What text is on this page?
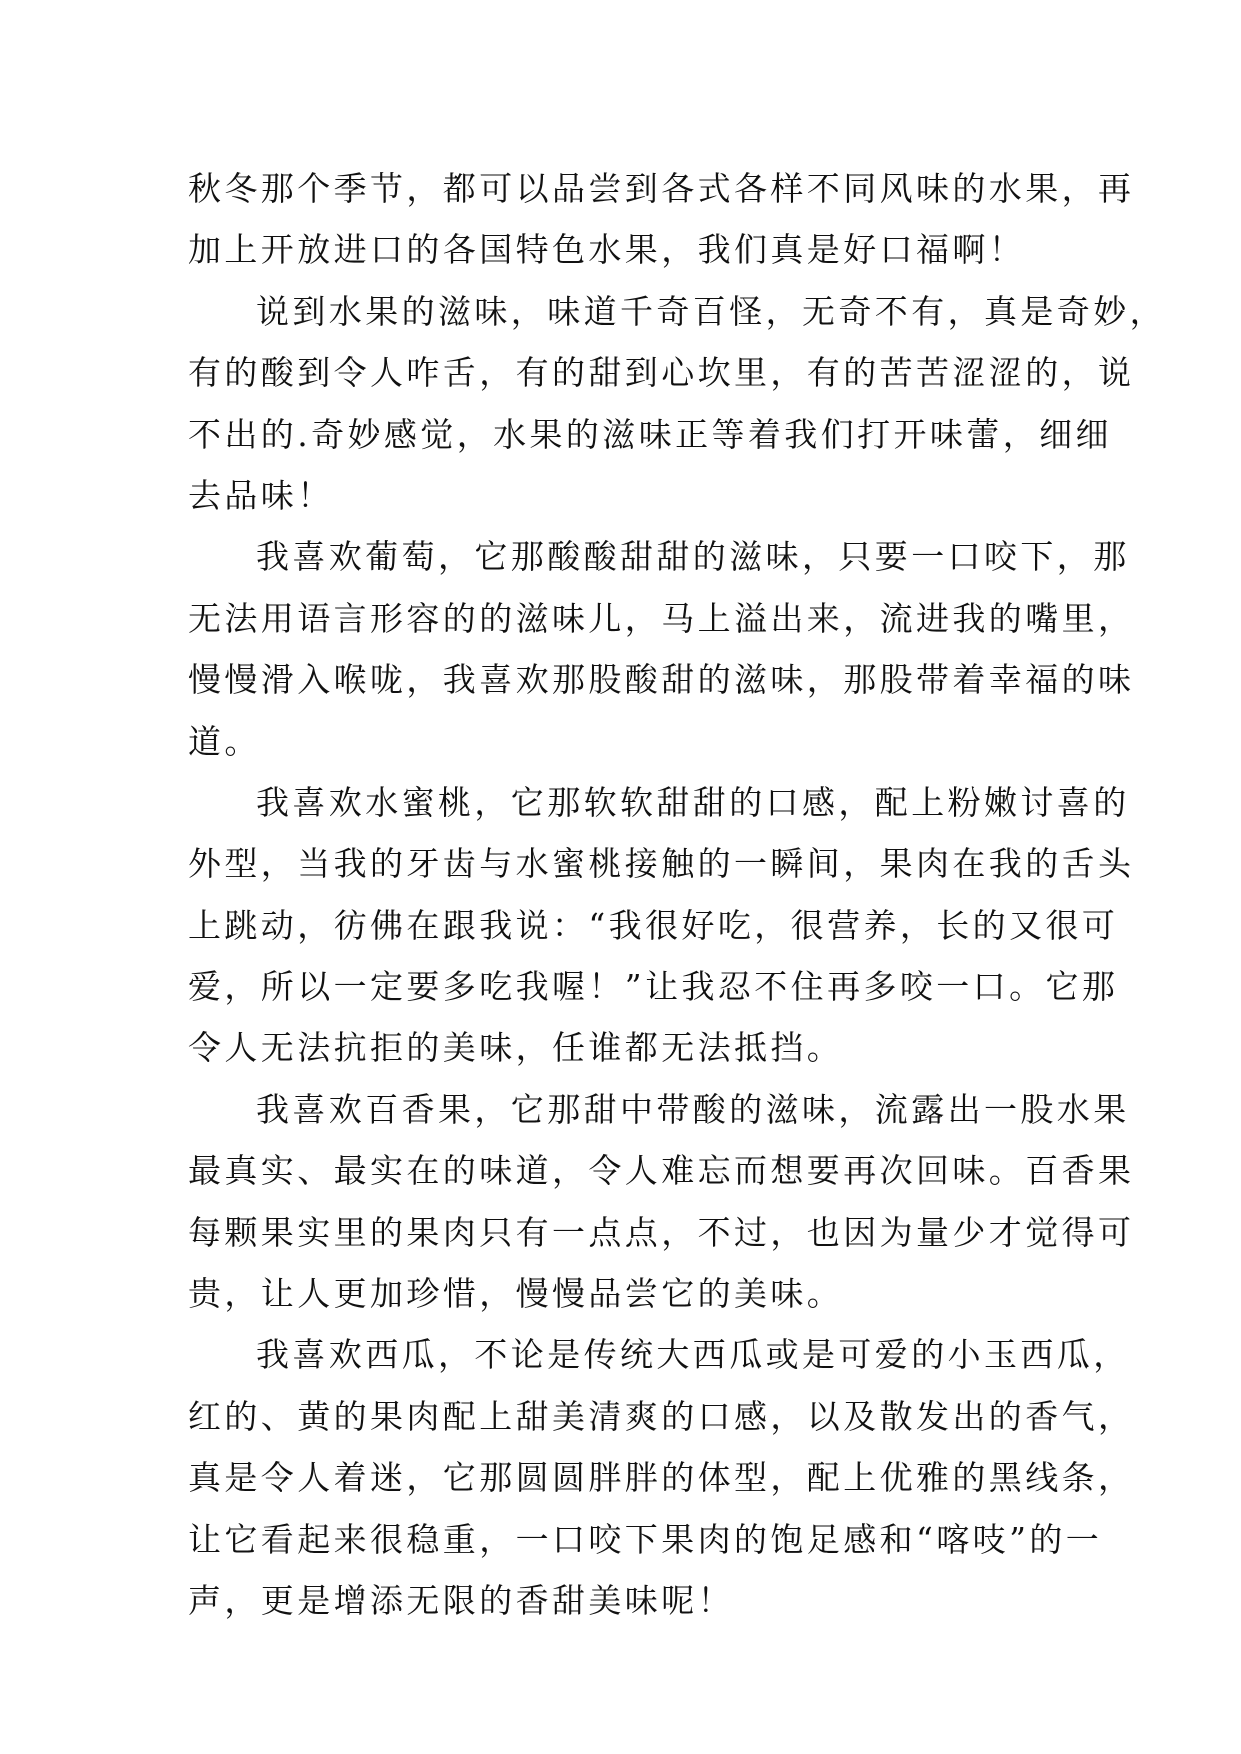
秋冬那个季节，都可以品尝到各式各样不同风味的水果，再
加上开放进口的各国特色水果，我们真是好口福啊！
说到水果的滋味，味道千奇百怪，无奇不有，真是奇妙，
有的酸到令人咋舌，有的甜到心坎里，有的苦苦涩涩的，说
不出的.奇妙感觉，水果的滋味正等着我们打开味蕾，细细
去品味！
我喜欢葡萄，它那酸酸甜甜的滋味，只要一口咬下，那
无法用语言形容的的滋味儿，马上溢出来，流进我的嘴里，
慢慢滑入喉咙，我喜欢那股酸甜的滋味，那股带着幸福的味
道。
我喜欢水蜜桃，它那软软甜甜的口感，配上粉嫩讨喜的
外型，当我的牙齿与水蜜桃接触的一瞬间，果肉在我的舌头
上跳动，彷佛在跟我说：“我很好吃，很营养，长的又很可
爱，所以一定要多吃我喔！”让我忍不住再多咬一口。它那
令人无法抗拒的美味，任谁都无法抵挡。
我喜欢百香果，它那甜中带酸的滋味，流露出一股水果
最真实、最实在的味道，令人难忘而想要再次回味。百香果
每颗果实里的果肉只有一点点，不过，也因为量少才觉得可
贵，让人更加珍惜，慢慢品尝它的美味。
我喜欢西瓜，不论是传统大西瓜或是可爱的小玉西瓜，
红的、黄的果肉配上甜美清爽的口感，以及散发出的香气，
真是令人着迷，它那圆圆胖胖的体型，配上优雅的黑线条，
让它看起来很稳重，一口咬下果肉的饱足感和“喀吱”的一
声，更是增添无限的香甜美味呢！
